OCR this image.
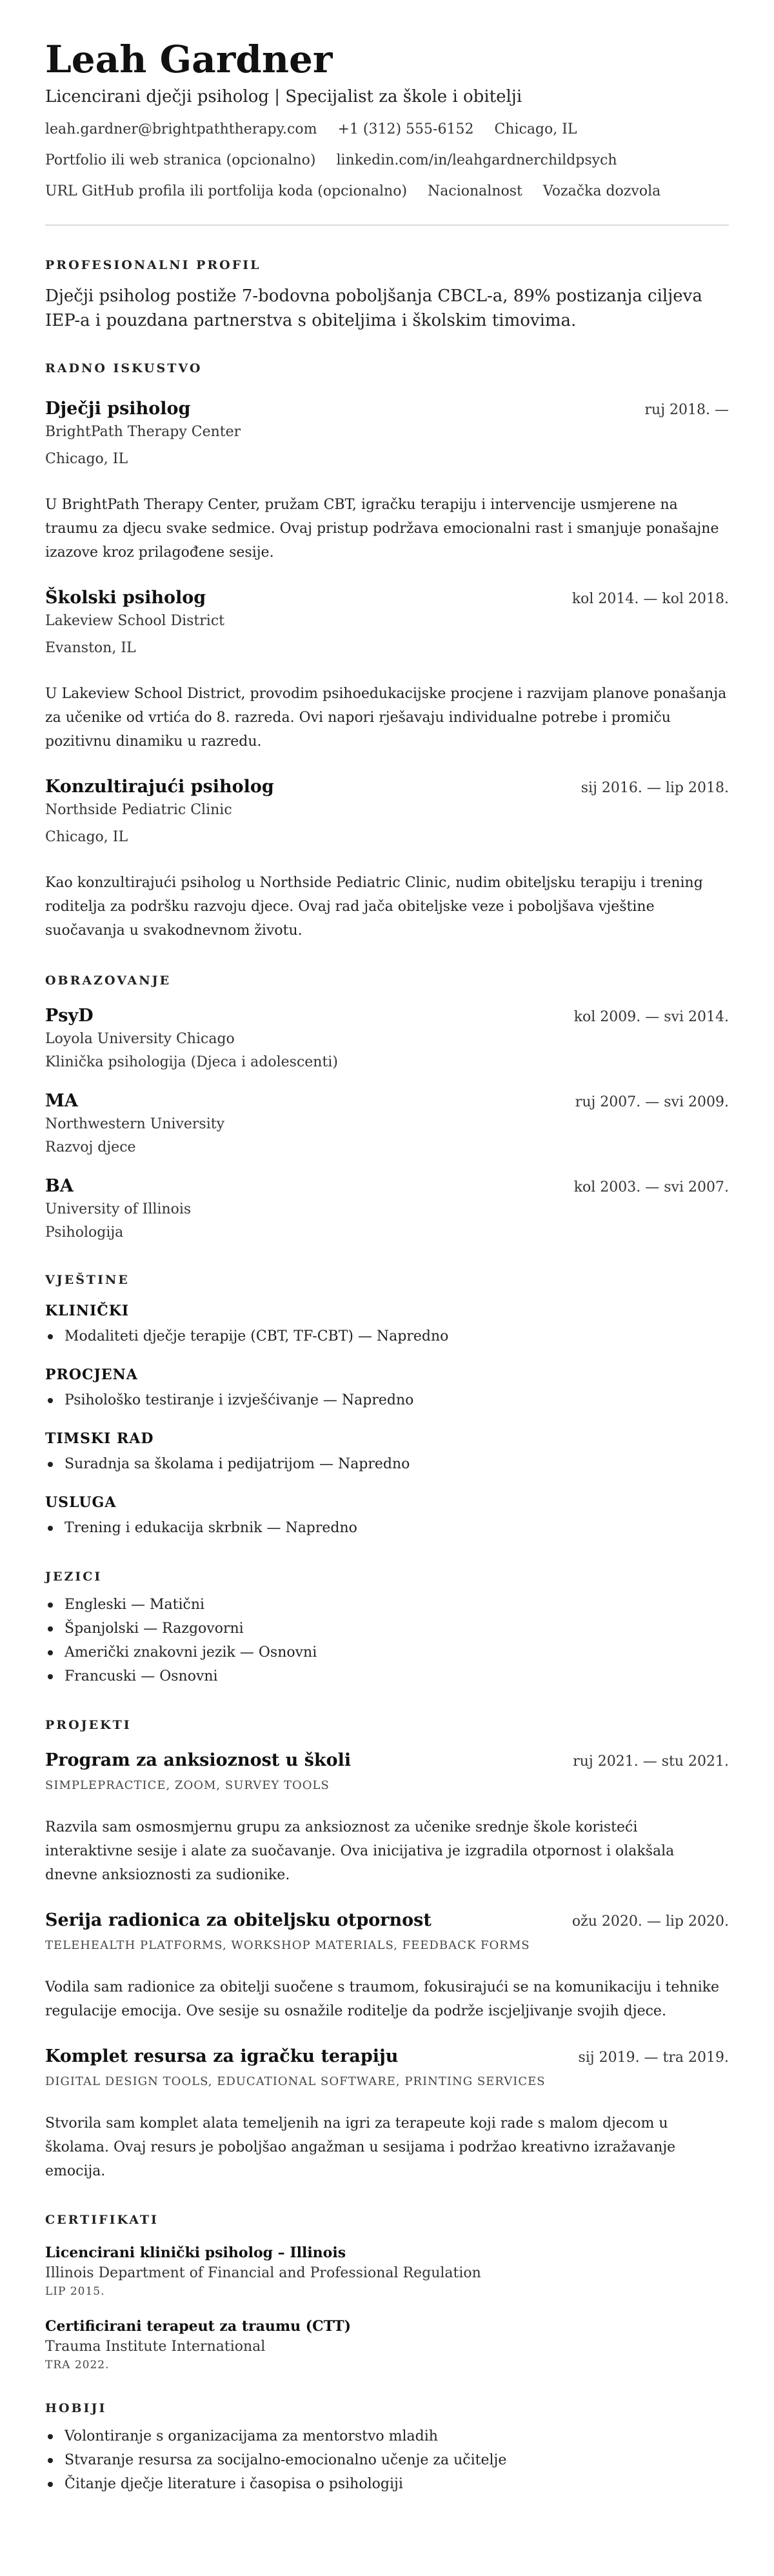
Leah Gardner
Licencirani dječji psiholog | Specijalist za škole i obitelji
leah.gardner@brightpaththerapy.com +1 (312) 555-6152 Chicago, IL
Portfolio ili web stranica (opcionalno) linkedin.com/in/leahgardnerchildpsych
URL GitHub profila ili portfolija koda (opcionalno) Nacionalnost Vozačka dozvola
PROFESIONALNI PROFIL

Dječji psiholog postiže 7-bodovna poboljšanja CBCL-a, 89% postizanja ciljeva IEP-a i pouzdana partnerstva s obiteljima i školskim timovima.

RADNO ISKUSTVO
Dječji psiholog	ruj 2018. —
BrightPath Therapy Center
Chicago, IL

U BrightPath Therapy Center, pružam CBT, igračku terapiju i intervencije usmjerene na traumu za djecu svake sedmice. Ovaj pristup podržava emocionalni rast i smanjuje ponašajne izazove kroz prilagođene sesije.

Školski psiholog	kol 2014. — kol 2018.
Lakeview School District
Evanston, IL

U Lakeview School District, provodim psihoedukacijske procjene i razvijam planove ponašanja za učenike od vrtića do 8. razreda. Ovi napori rješavaju individualne potrebe i promiču pozitivnu dinamiku u razredu.

Konzultirajući psiholog	sij 2016. — lip 2018.
Northside Pediatric Clinic
Chicago, IL

Kao konzultirajući psiholog u Northside Pediatric Clinic, nudim obiteljsku terapiju i trening roditelja za podršku razvoju djece. Ovaj rad jača obiteljske veze i poboljšava vještine suočavanja u svakodnevnom životu.

OBRAZOVANJE
PsyD	kol 2009. — svi 2014.
Loyola University Chicago
Klinička psihologija (Djeca i adolescenti)
MA	ruj 2007. — svi 2009.
Northwestern University
Razvoj djece
BA	kol 2003. — svi 2007.
University of Illinois
Psihologija
VJEŠTINE
KLINIČKI
Modaliteti dječje terapije (CBT, TF-CBT) — Napredno
PROCJENA
Psihološko testiranje i izvješćivanje — Napredno
TIMSKI RAD
Suradnja sa školama i pedijatrijom — Napredno
USLUGA
Trening i edukacija skrbnik — Napredno
JEZICI
Engleski — Matični
Španjolski — Razgovorni
Američki znakovni jezik — Osnovni
Francuski — Osnovni
PROJEKTI
Program za anksioznost u školi	ruj 2021. — stu 2021.
SIMPLEPRACTICE, ZOOM, SURVEY TOOLS

Razvila sam osmosmjernu grupu za anksioznost za učenike srednje škole koristeći interaktivne sesije i alate za suočavanje. Ova inicijativa je izgradila otpornost i olakšala dnevne anksioznosti za sudionike.

Serija radionica za obiteljsku otpornost	ožu 2020. — lip 2020.
TELEHEALTH PLATFORMS, WORKSHOP MATERIALS, FEEDBACK FORMS

Vodila sam radionice za obitelji suočene s traumom, fokusirajući se na komunikaciju i tehnike regulacije emocija. Ove sesije su osnažile roditelje da podrže iscjeljivanje svojih djece.

Komplet resursa za igračku terapiju	sij 2019. — tra 2019.
DIGITAL DESIGN TOOLS, EDUCATIONAL SOFTWARE, PRINTING SERVICES

Stvorila sam komplet alata temeljenih na igri za terapeute koji rade s malom djecom u školama. Ovaj resurs je poboljšao angažman u sesijama i podržao kreativno izražavanje emocija.

CERTIFIKATI
Licencirani klinički psiholog – Illinois
Illinois Department of Financial and Professional Regulation
LIP 2015.
Certificirani terapeut za traumu (CTT)
Trauma Institute International
TRA 2022.
HOBIJI
Volontiranje s organizacijama za mentorstvo mladih
Stvaranje resursa za socijalno-emocionalno učenje za učitelje
Čitanje dječje literature i časopisa o psihologiji
